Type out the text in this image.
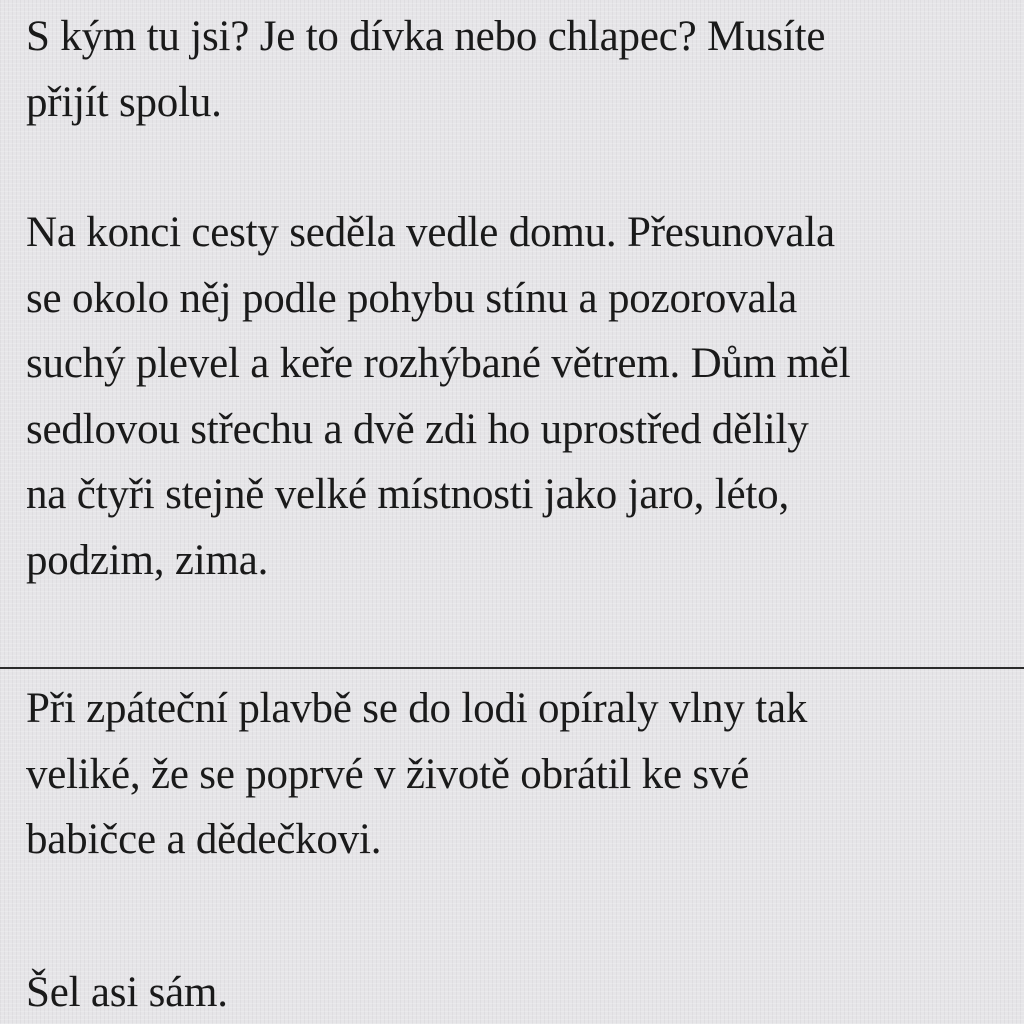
S kým tu jsi? Je to dívka nebo chlapec? Musíte
přijít spolu.

Na konci cesty seděla vedle domu. Přesunovala
se okolo něj podle pohybu stínu a pozorovala
suchý plevel a keře rozhýbané větrem. Dům měl
sedlovou střechu a dvě zdi ho uprostřed dělily
na čtyři stejně velké místnosti jako jaro, léto,
podzim, zima.

Při zpáteční plavbě se do lodi opíraly vlny tak
veliké, že se poprvé v životě obrátil ke své
babičce a dědečkovi.

Šel asi sám.
